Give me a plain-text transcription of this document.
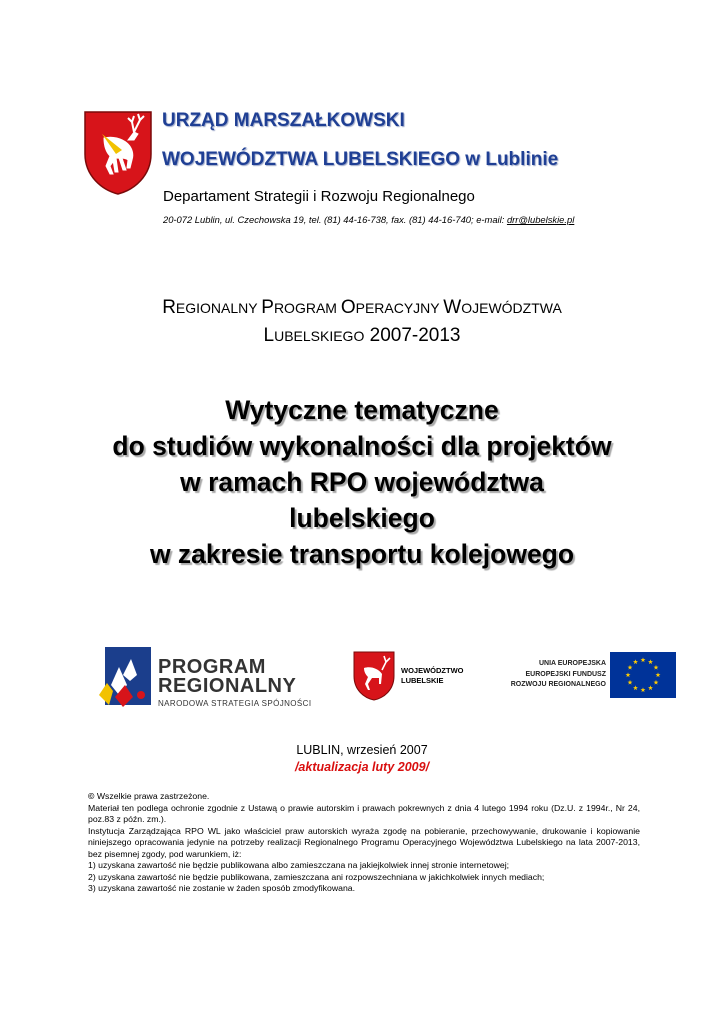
URZĄD MARSZAŁKOWSKI
WOJEWÓDZTWA LUBELSKIEGO w Lublinie
Departament Strategii i Rozwoju Regionalnego
20-072 Lublin, ul. Czechowska 19, tel. (81) 44-16-738, fax. (81) 44-16-740; e-mail: drr@lubelskie.pl
REGIONALNY PROGRAM OPERACYJNY WOJEWÓDZTWA
LUBELSKIEGO 2007-2013
Wytyczne tematyczne
do studiów wykonalności dla projektów
w ramach RPO województwa
lubelskiego
w zakresie transportu kolejowego
PROGRAM
REGIONALNY
NARODOWA STRATEGIA SPÓJNOŚCI
WOJEWÓDZTWO
LUBELSKIE
UNIA EUROPEJSKA
EUROPEJSKI FUNDUSZ
ROZWOJU REGIONALNEGO
LUBLIN, wrzesień 2007
/aktualizacja luty 2009/

© Wszelkie prawa zastrzeżone.

Materiał ten podlega ochronie zgodnie z Ustawą o prawie autorskim i prawach pokrewnych z dnia 4 lutego 1994 roku (Dz.U. z 1994r., Nr 24, poz.83 z późn. zm.).

Instytucja Zarządzająca RPO WL jako właściciel praw autorskich wyraża zgodę na pobieranie, przechowywanie, drukowanie i kopiowanie niniejszego opracowania jedynie na potrzeby realizacji Regionalnego Programu Operacyjnego Województwa Lubelskiego na lata 2007-2013, bez pisemnej zgody, pod warunkiem, iż:

1) uzyskana zawartość nie będzie publikowana albo zamieszczana na jakiejkolwiek innej stronie internetowej;

2) uzyskana zawartość nie będzie publikowana, zamieszczana ani rozpowszechniana w jakichkolwiek innych mediach;

3) uzyskana zawartość nie zostanie w żaden sposób zmodyfikowana.
